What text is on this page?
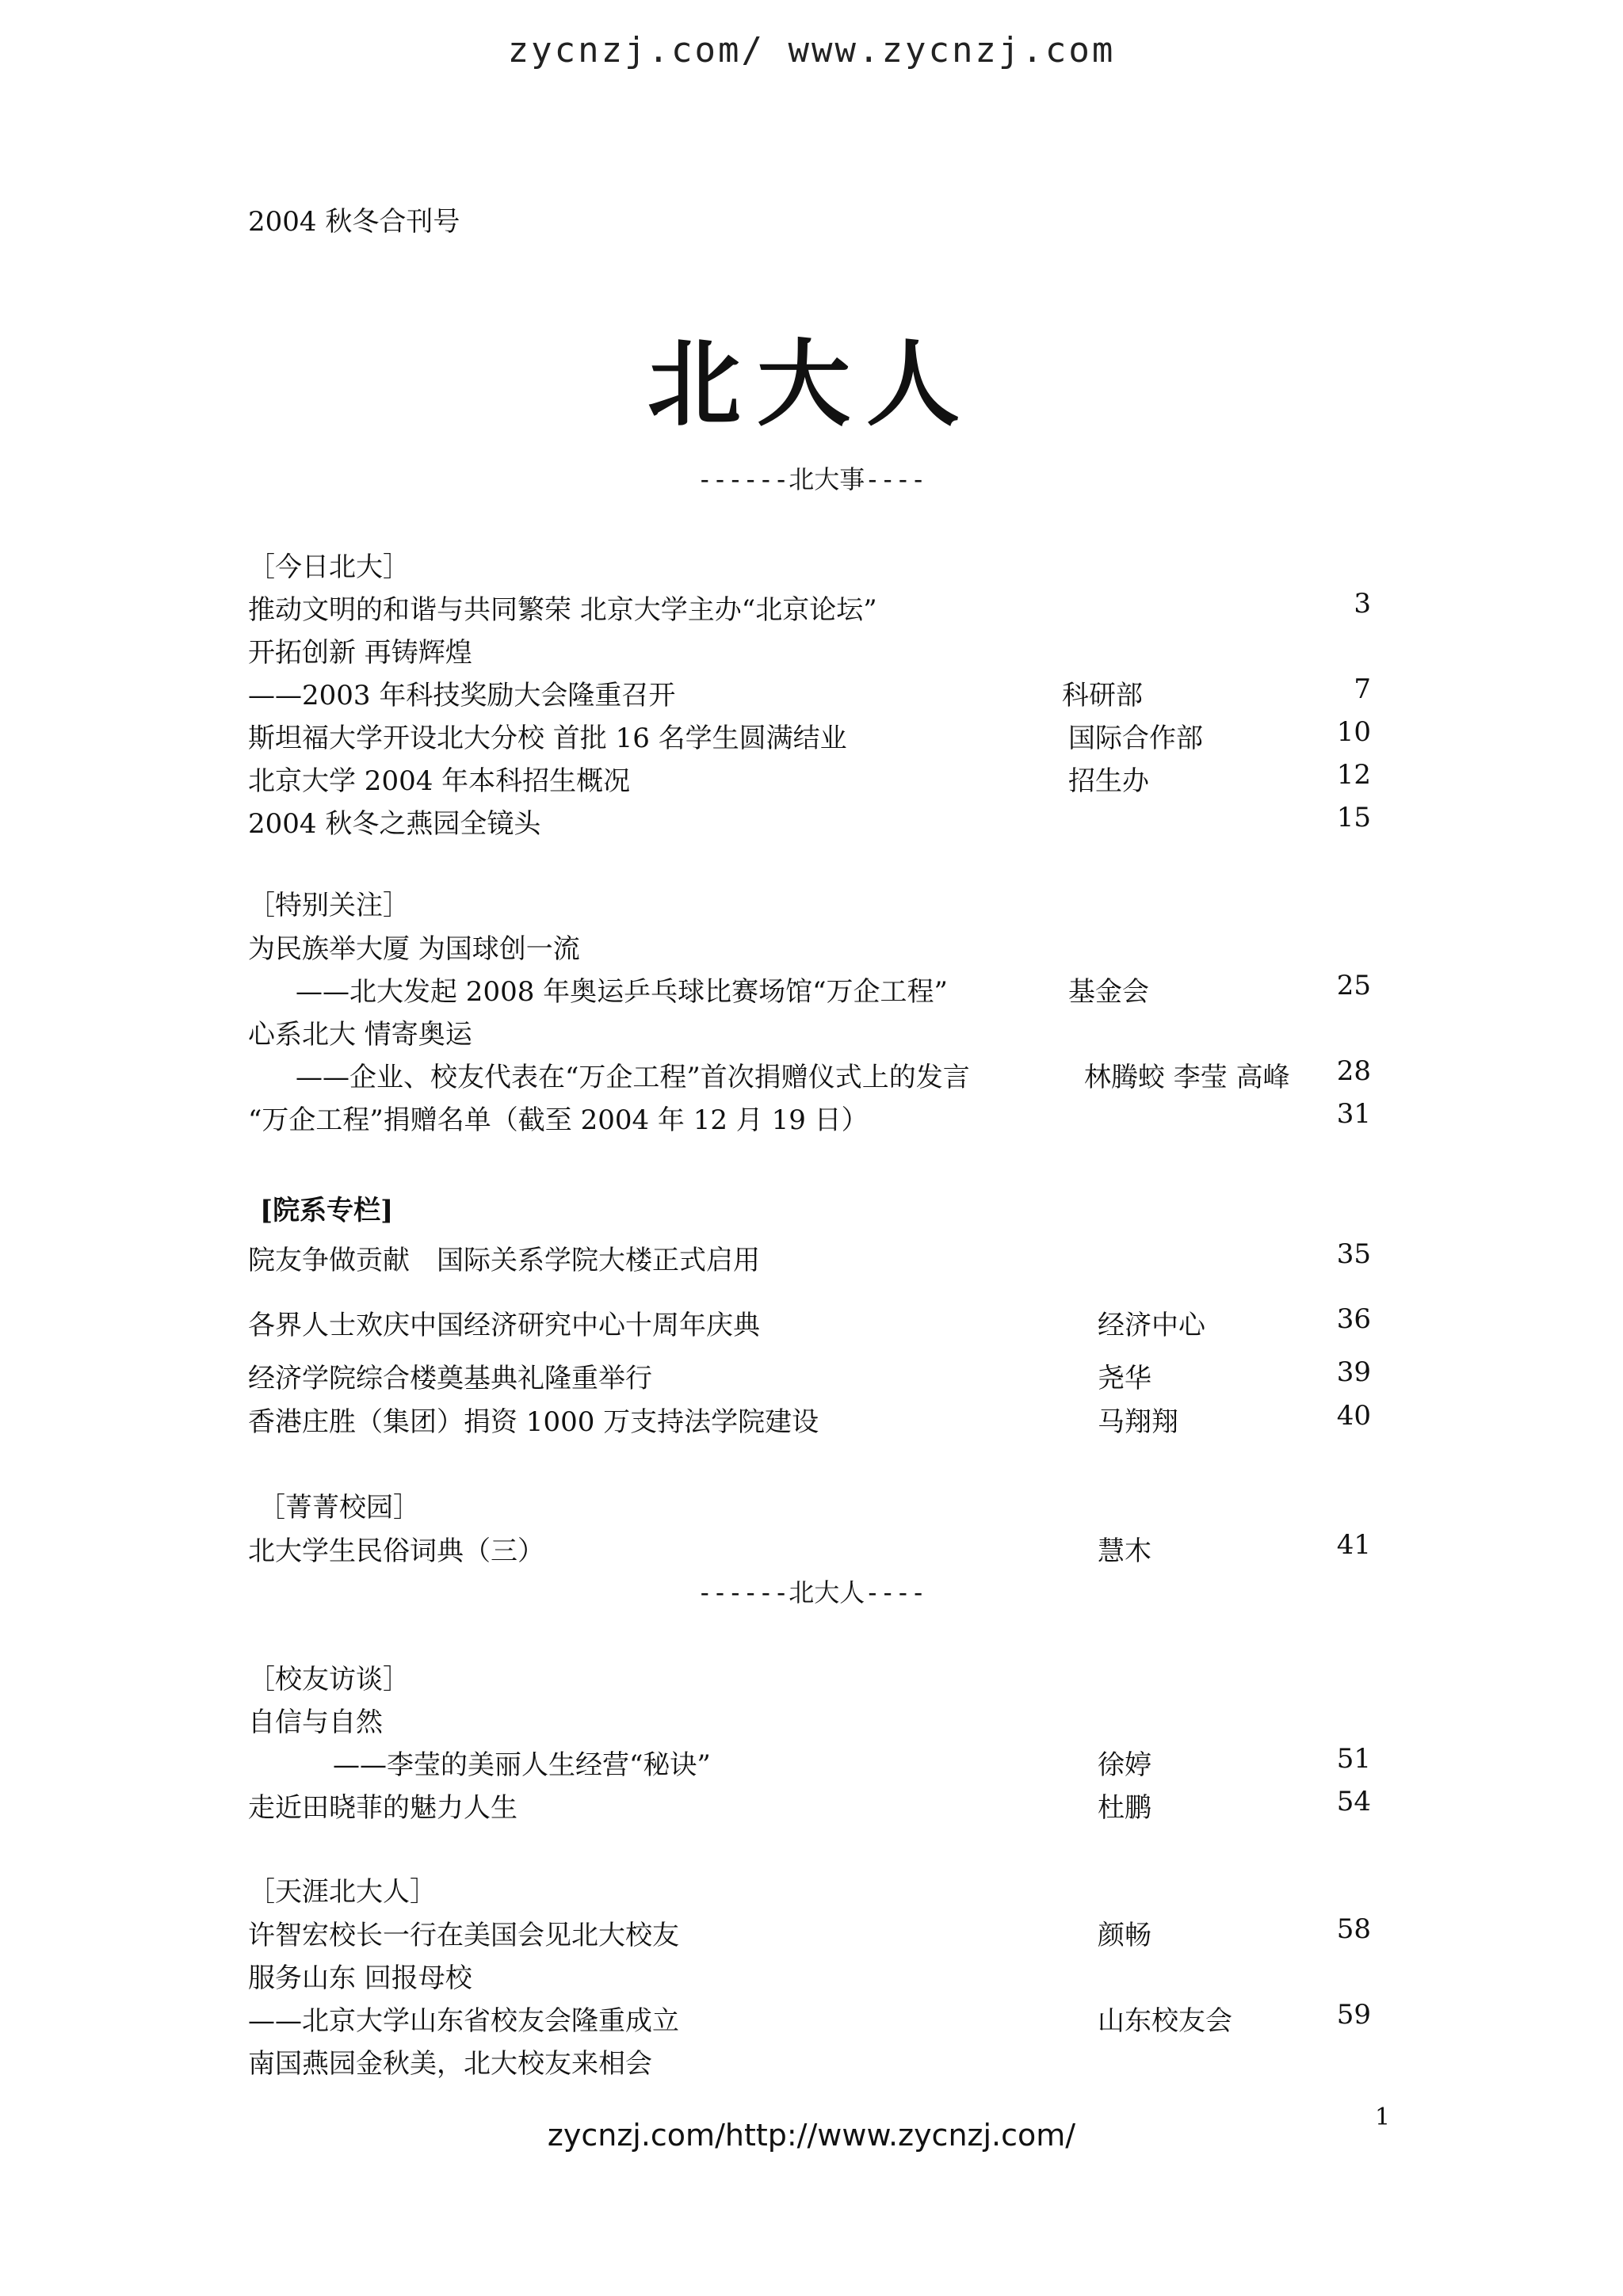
zycnzj.com/ www.zycnzj.com
2004 秋冬合刊号
北大人
------北大事----
［今日北大］
推动文明的和谐与共同繁荣 北京大学主办“北京论坛”	3
开拓创新 再铸辉煌
——2003 年科技奖励大会隆重召开	科研部	7
斯坦福大学开设北大分校 首批 16 名学生圆满结业	国际合作部	10
北京大学 2004 年本科招生概况	招生办	12
2004 秋冬之燕园全镜头	15
［特别关注］
为民族举大厦 为国球创一流
——北大发起 2008 年奥运乒乓球比赛场馆“万企工程”	基金会	25
心系北大 情寄奥运
——企业、校友代表在“万企工程”首次捐赠仪式上的发言	林腾蛟 李莹 高峰 28
“万企工程”捐赠名单（截至 2004 年 12 月 19 日）	31
[院系专栏]
院友争做贡献　国际关系学院大楼正式启用	35
各界人士欢庆中国经济研究中心十周年庆典	经济中心	36
经济学院综合楼奠基典礼隆重举行	尧华	39
香港庄胜（集团）捐资 1000 万支持法学院建设	马翔翔	40
［菁菁校园］
北大学生民俗词典（三）	慧木	41
------北大人----
［校友访谈］
自信与自然
——李莹的美丽人生经营“秘诀”	徐婷	51
走近田晓菲的魅力人生	杜鹏	54
［天涯北大人］
许智宏校长一行在美国会见北大校友	颜畅	58
服务山东 回报母校
——北京大学山东省校友会隆重成立	山东校友会	59
南国燕园金秋美，北大校友来相会
1
zycnzj.com/http://www.zycnzj.com/
